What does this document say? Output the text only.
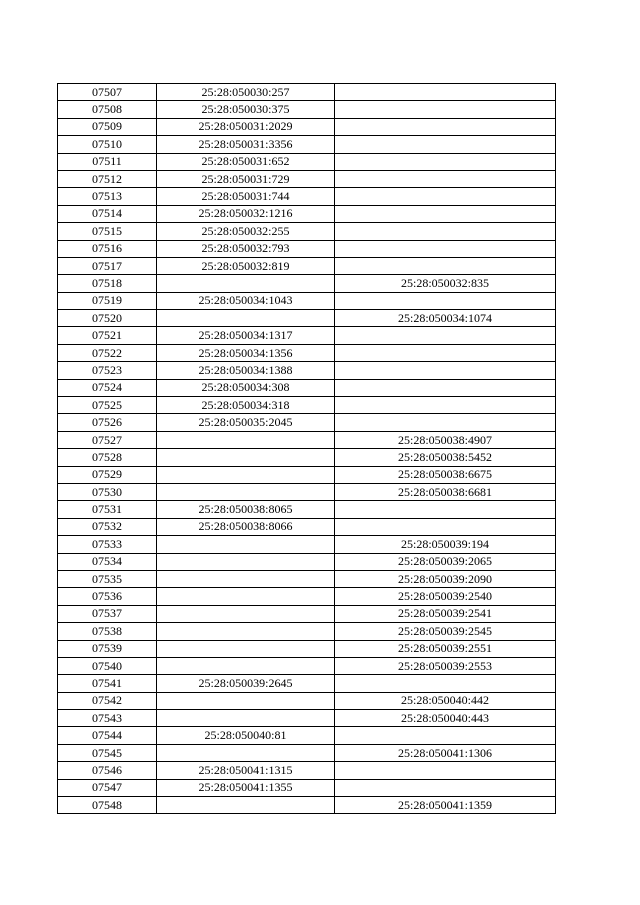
07507	25:28:050030:257	
07508	25:28:050030:375	
07509	25:28:050031:2029	
07510	25:28:050031:3356	
07511	25:28:050031:652	
07512	25:28:050031:729	
07513	25:28:050031:744	
07514	25:28:050032:1216	
07515	25:28:050032:255	
07516	25:28:050032:793	
07517	25:28:050032:819	
07518		25:28:050032:835
07519	25:28:050034:1043	
07520		25:28:050034:1074
07521	25:28:050034:1317	
07522	25:28:050034:1356	
07523	25:28:050034:1388	
07524	25:28:050034:308	
07525	25:28:050034:318	
07526	25:28:050035:2045	
07527		25:28:050038:4907
07528		25:28:050038:5452
07529		25:28:050038:6675
07530		25:28:050038:6681
07531	25:28:050038:8065	
07532	25:28:050038:8066	
07533		25:28:050039:194
07534		25:28:050039:2065
07535		25:28:050039:2090
07536		25:28:050039:2540
07537		25:28:050039:2541
07538		25:28:050039:2545
07539		25:28:050039:2551
07540		25:28:050039:2553
07541	25:28:050039:2645	
07542		25:28:050040:442
07543		25:28:050040:443
07544	25:28:050040:81	
07545		25:28:050041:1306
07546	25:28:050041:1315	
07547	25:28:050041:1355	
07548		25:28:050041:1359
